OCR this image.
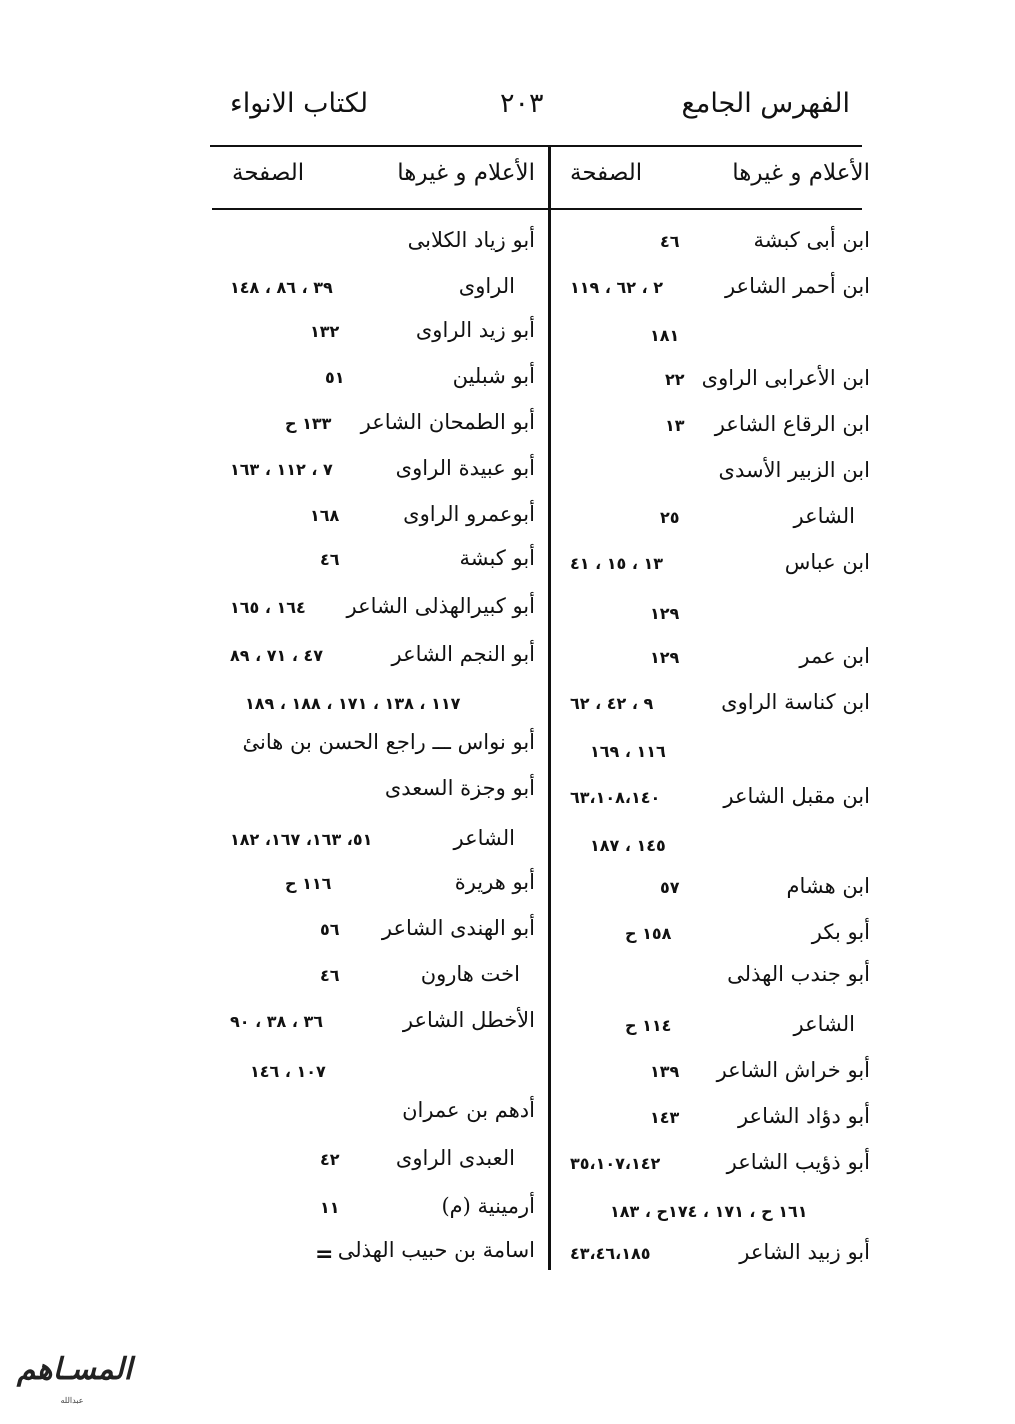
الفهرس الجامع
٢٠٣
لكتاب الانواء
الأعلام و غيرها
الصفحة
الأعلام و غيرها
الصفحة
ابن أبى كبشة
٤٦
ابن أحمر الشاعر
٢ ، ٦٢ ، ١١٩
١٨١
ابن الأعرابى الراوى
٢٢
ابن الرقاع الشاعر
١٣
ابن الزبير الأسدى
الشاعر
٢٥
ابن عباس
١٣ ، ١٥ ، ٤١
١٢٩
ابن عمر
١٢٩
ابن كناسة الراوى
٩ ، ٤٢ ، ٦٢
١١٦ ، ١٦٩
ابن مقبل الشاعر
٦٣،١٠٨،١٤٠
١٤٥ ، ١٨٧
ابن هشام
٥٧
أبو بكر
١٥٨ ح
أبو جندب الهذلى
الشاعر
١١٤ ح
أبو خراش الشاعر
١٣٩
أبو دؤاد الشاعر
١٤٣
أبو ذؤيب الشاعر
٣٥،١٠٧،١٤٢
١٦١ ح ، ١٧١ ، ١٧٤ح ، ١٨٣
أبو زبيد الشاعر
٤٣،٤٦،١٨٥
أبو زياد الكلابى
الراوى
٣٩ ، ٨٦ ، ١٤٨
أبو زيد الراوى
١٣٢
أبو شبلين
٥١
أبو الطمحان الشاعر
١٣٣ ح
أبو عبيدة الراوى
٧ ، ١١٢ ، ١٦٣
أبوعمرو الراوى
١٦٨
أبو كبشة
٤٦
أبو كبيرالهذلى الشاعر
١٦٤ ، ١٦٥
أبو النجم الشاعر
٤٧ ، ٧١ ، ٨٩
١١٧ ، ١٣٨ ، ١٧١ ، ١٨٨ ، ١٨٩
أبو نواس ـــ راجع الحسن بن هانئ
أبو وجزة السعدى
الشاعر
٥١، ١٦٣، ١٦٧، ١٨٢
أبو هريرة
١١٦ ح
أبو الهندى الشاعر
٥٦
اخت هارون
٤٦
الأخطل الشاعر
٣٦ ، ٣٨ ، ٩٠
١٠٧ ، ١٤٦
أدهم بن عمران
العبدى الراوى
٤٢
أرمينية (م)
١١
اسامة بن حبيب الهذلى
=
المسـاهم
عبدالله
